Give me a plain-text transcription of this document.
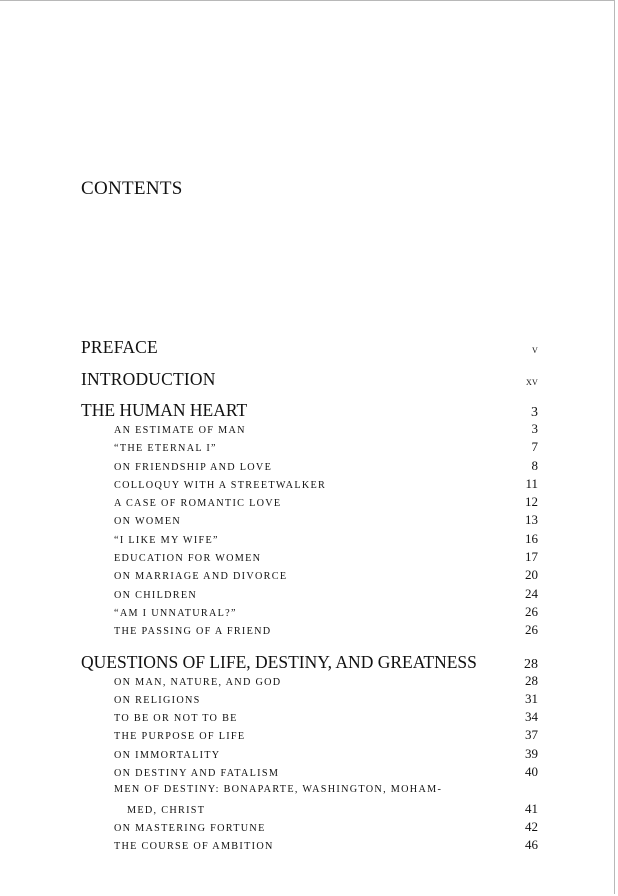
CONTENTS
PREFACE	v
INTRODUCTION	xv
THE HUMAN HEART	3
AN ESTIMATE OF MAN	3
“THE ETERNAL I”	7
ON FRIENDSHIP AND LOVE	8
COLLOQUY WITH A STREETWALKER	11
A CASE OF ROMANTIC LOVE	12
ON WOMEN	13
“I LIKE MY WIFE”	16
EDUCATION FOR WOMEN	17
ON MARRIAGE AND DIVORCE	20
ON CHILDREN	24
“AM I UNNATURAL?”	26
THE PASSING OF A FRIEND	26
QUESTIONS OF LIFE, DESTINY, AND GREATNESS	28
ON MAN, NATURE, AND GOD	28
ON RELIGIONS	31
TO BE OR NOT TO BE	34
THE PURPOSE OF LIFE	37
ON IMMORTALITY	39
ON DESTINY AND FATALISM	40
MEN OF DESTINY: BONAPARTE, WASHINGTON, MOHAM-
MED, CHRIST	41
ON MASTERING FORTUNE	42
THE COURSE OF AMBITION	46
